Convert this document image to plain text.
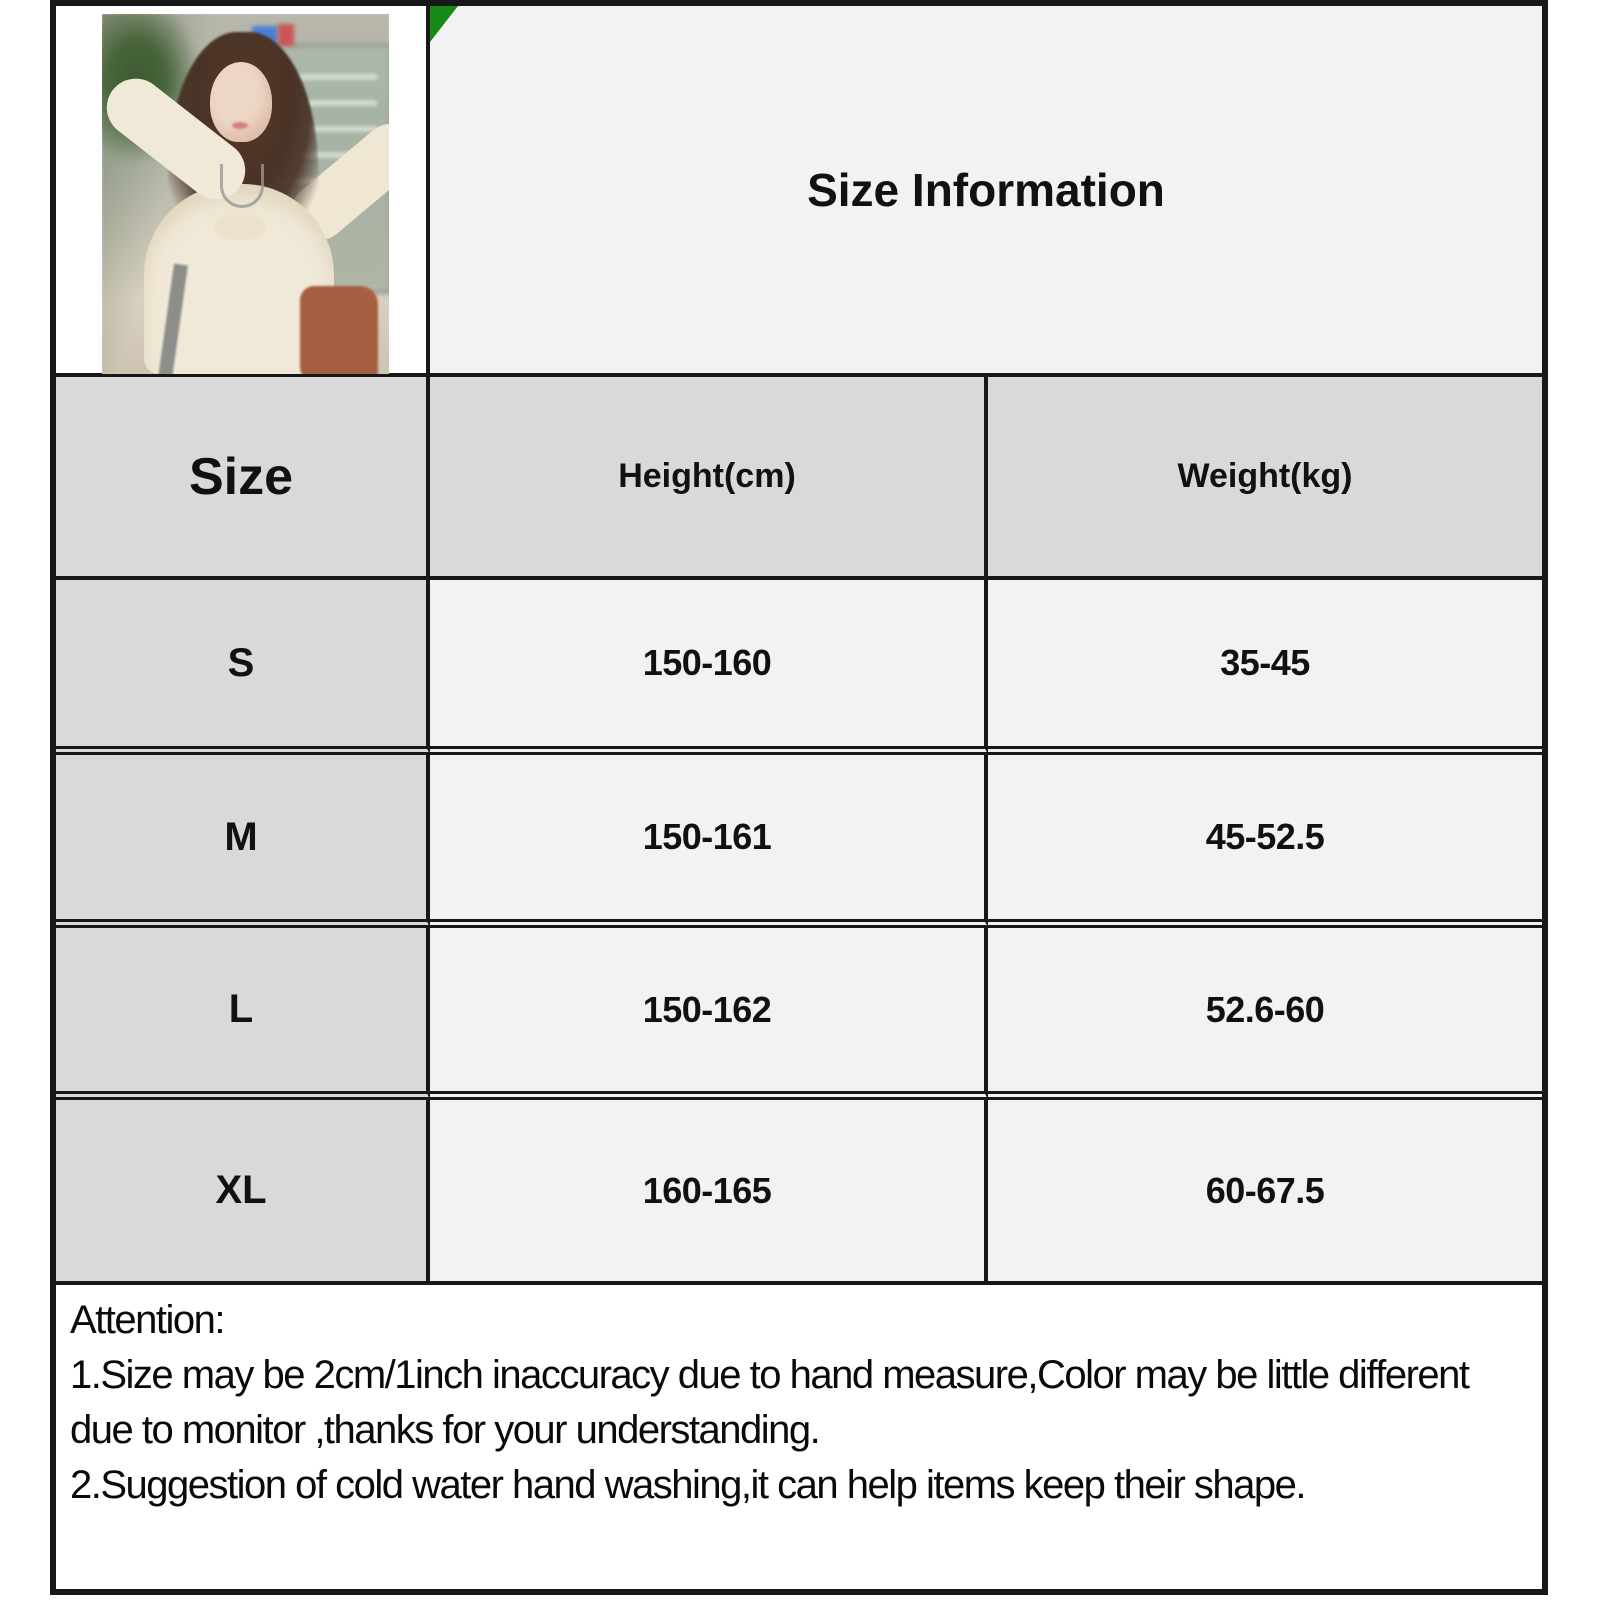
Size Information
Size	Height(cm)	Weight(kg)
S	150-160	35-45
M	150-161	45-52.5
L	150-162	52.6-60
XL	160-165	60-67.5
Attention:
1.Size may be 2cm/1inch inaccuracy due to hand measure,Color may be little different due to monitor ,thanks for your understanding.
2.Suggestion of cold water hand washing,it can help items keep their shape.
